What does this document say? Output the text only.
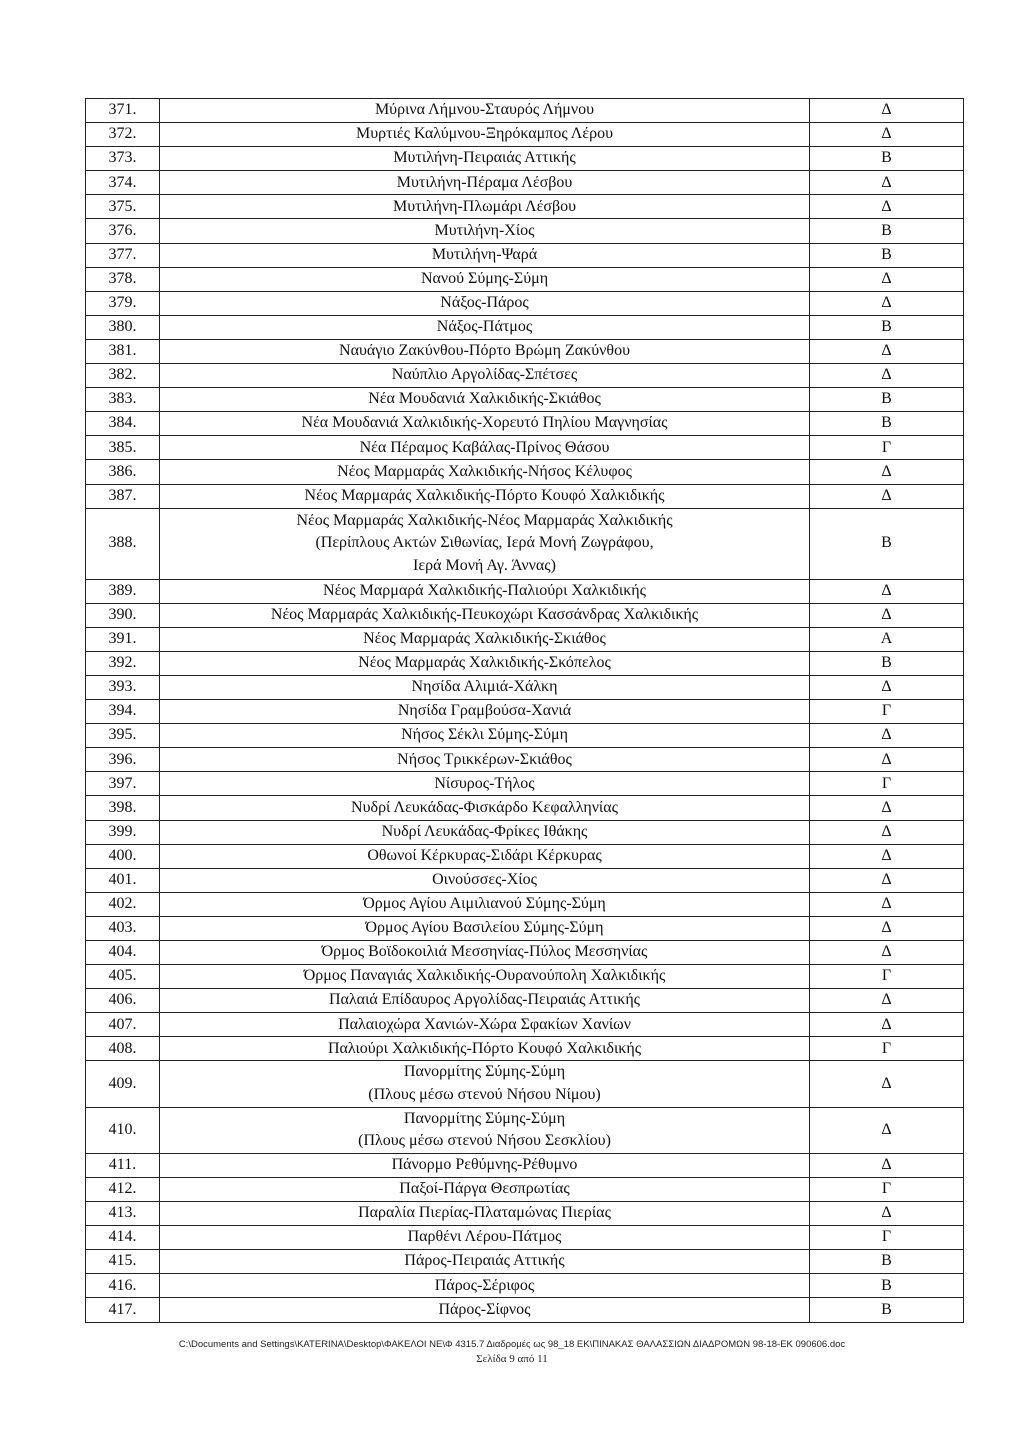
371.	Μύρινα Λήμνου-Σταυρός Λήμνου	Δ
372.	Μυρτιές Καλύμνου-Ξηρόκαμπος Λέρου	Δ
373.	Μυτιλήνη-Πειραιάς Αττικής	Β
374.	Μυτιλήνη-Πέραμα Λέσβου	Δ
375.	Μυτιλήνη-Πλωμάρι Λέσβου	Δ
376.	Μυτιλήνη-Χίος	Β
377.	Μυτιλήνη-Ψαρά	Β
378.	Νανού Σύμης-Σύμη	Δ
379.	Νάξος-Πάρος	Δ
380.	Νάξος-Πάτμος	Β
381.	Ναυάγιο Ζακύνθου-Πόρτο Βρώμη Ζακύνθου	Δ
382.	Ναύπλιο Αργολίδας-Σπέτσες	Δ
383.	Νέα Μουδανιά Χαλκιδικής-Σκιάθος	Β
384.	Νέα Μουδανιά Χαλκιδικής-Χορευτό Πηλίου Μαγνησίας	Β
385.	Νέα Πέραμος Καβάλας-Πρίνος Θάσου	Γ
386.	Νέος Μαρμαράς Χαλκιδικής-Νήσος Κέλυφος	Δ
387.	Νέος Μαρμαράς Χαλκιδικής-Πόρτο Κουφό Χαλκιδικής	Δ
388.	Νέος Μαρμαράς Χαλκιδικής-Νέος Μαρμαράς Χαλκιδικής
(Περίπλους Ακτών Σιθωνίας, Ιερά Μονή Ζωγράφου,
Ιερά Μονή Αγ. Άννας)	Β
389.	Νέος Μαρμαρά Χαλκιδικής-Παλιούρι Χαλκιδικής	Δ
390.	Νέος Μαρμαράς Χαλκιδικής-Πευκοχώρι Κασσάνδρας Χαλκιδικής	Δ
391.	Νέος Μαρμαράς Χαλκιδικής-Σκιάθος	Α
392.	Νέος Μαρμαράς Χαλκιδικής-Σκόπελος	Β
393.	Νησίδα Αλιμιά-Χάλκη	Δ
394.	Νησίδα Γραμβούσα-Χανιά	Γ
395.	Νήσος Σέκλι Σύμης-Σύμη	Δ
396.	Νήσος Τρικκέρων-Σκιάθος	Δ
397.	Νίσυρος-Τήλος	Γ
398.	Νυδρί Λευκάδας-Φισκάρδο Κεφαλληνίας	Δ
399.	Νυδρί Λευκάδας-Φρίκες Ιθάκης	Δ
400.	Οθωνοί Κέρκυρας-Σιδάρι Κέρκυρας	Δ
401.	Οινούσσες-Χίος	Δ
402.	Όρμος Αγίου Αιμιλιανού Σύμης-Σύμη	Δ
403.	Όρμος Αγίου Βασιλείου Σύμης-Σύμη	Δ
404.	Όρμος Βοϊδοκοιλιά Μεσσηνίας-Πύλος Μεσσηνίας	Δ
405.	Όρμος Παναγιάς Χαλκιδικής-Ουρανούπολη Χαλκιδικής	Γ
406.	Παλαιά Επίδαυρος Αργολίδας-Πειραιάς Αττικής	Δ
407.	Παλαιοχώρα Χανιών-Χώρα Σφακίων Χανίων	Δ
408.	Παλιούρι Χαλκιδικής-Πόρτο Κουφό Χαλκιδικής	Γ
409.	Πανορμίτης Σύμης-Σύμη
(Πλους μέσω στενού Νήσου Νίμου)	Δ
410.	Πανορμίτης Σύμης-Σύμη
(Πλους μέσω στενού Νήσου Σεσκλίου)	Δ
411.	Πάνορμο Ρεθύμνης-Ρέθυμνο	Δ
412.	Παξοί-Πάργα Θεσπρωτίας	Γ
413.	Παραλία Πιερίας-Πλαταμώνας Πιερίας	Δ
414.	Παρθένι Λέρου-Πάτμος	Γ
415.	Πάρος-Πειραιάς Αττικής	Β
416.	Πάρος-Σέριφος	Β
417.	Πάρος-Σίφνος	Β
C:\Documents and Settings\KATERINA\Desktop\ΦΑΚΕΛΟΙ ΝΕ\Φ 4315.7 Διαδρομές ως 98_18 ΕΚ\ΠΙΝΑΚΑΣ ΘΑΛΑΣΣΙΩΝ ΔΙΑΔΡΟΜΩΝ 98-18-ΕΚ 090606.doc
Σελίδα 9 από 11
